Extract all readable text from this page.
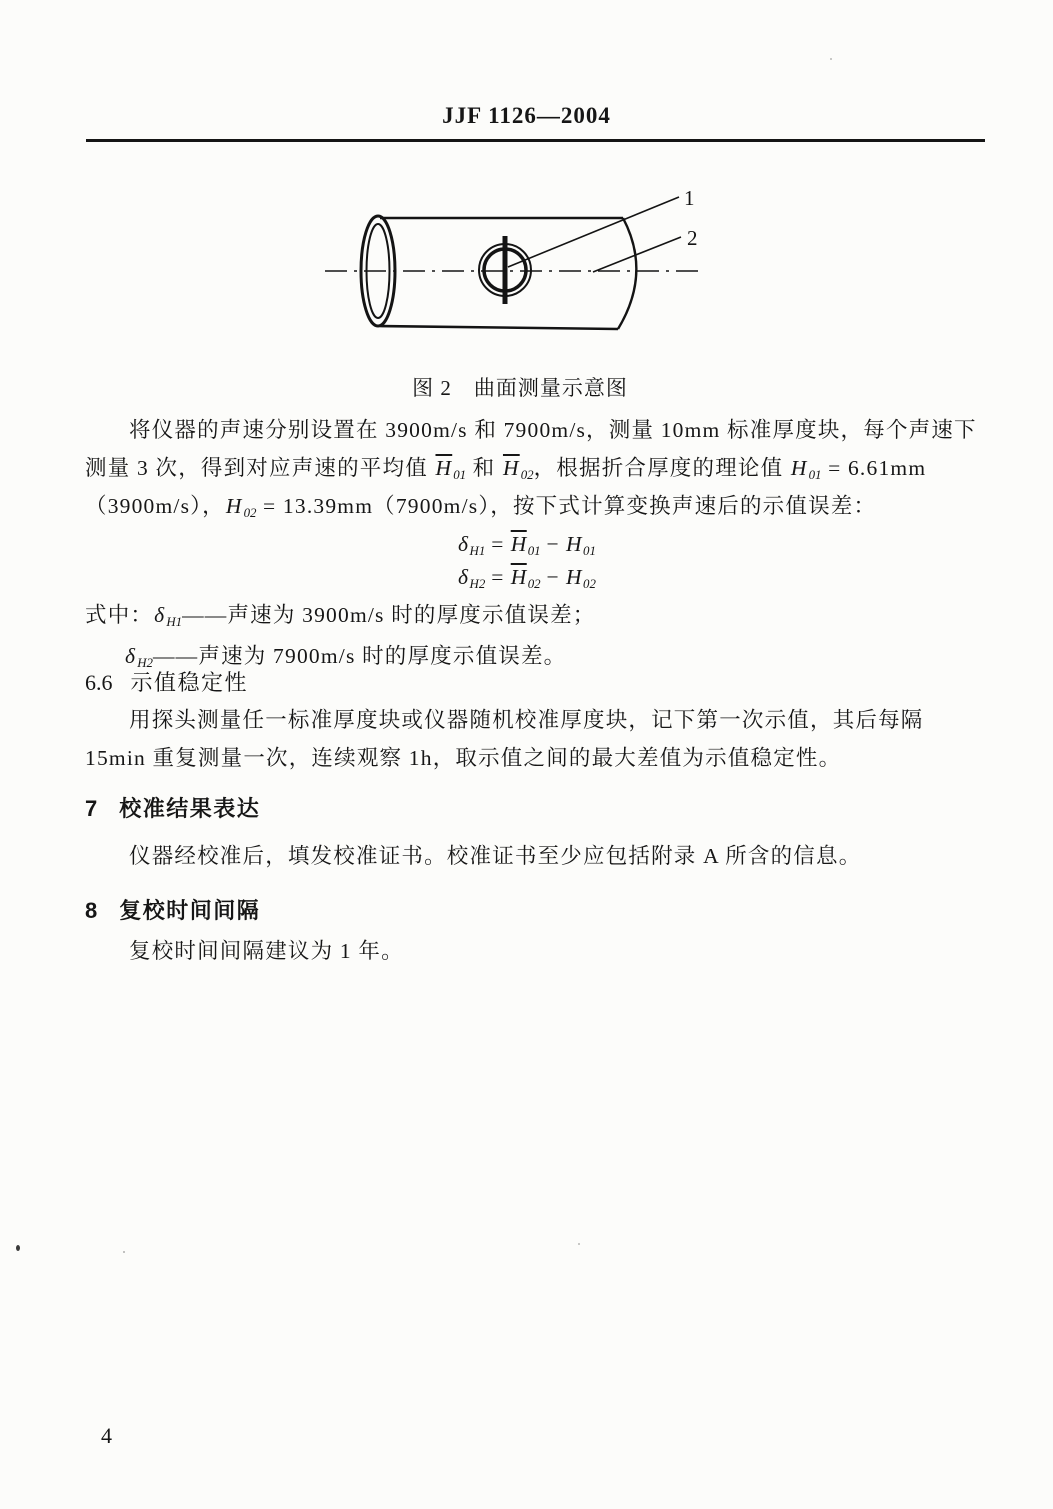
JJF 1126—2004
1
2
图 2　曲面测量示意图
将仪器的声速分别设置在 3900m/s 和 7900m/s，测量 10mm 标准厚度块，每个声速下
测量 3 次，得到对应声速的平均值 $\overline{H}01$ 和 $\overline{H}02$，根据折合厚度的理论值 H01 = 6.61mm
（3900m/s），H02 = 13.39mm（7900m/s），按下式计算变换声速后的示值误差：
$\delta H1 = \overline{H}01 - H01$
$\delta H2 = \overline{H}02 - H02$
式中：δH1——声速为 3900m/s 时的厚度示值误差；
δH2——声速为 7900m/s 时的厚度示值误差。
6.6 示值稳定性
用探头测量任一标准厚度块或仪器随机校准厚度块，记下第一次示值，其后每隔
15min 重复测量一次，连续观察 1h，取示值之间的最大差值为示值稳定性。
7 校准结果表达
仪器经校准后，填发校准证书。校准证书至少应包括附录 A 所含的信息。
8 复校时间间隔
复校时间间隔建议为 1 年。
4
